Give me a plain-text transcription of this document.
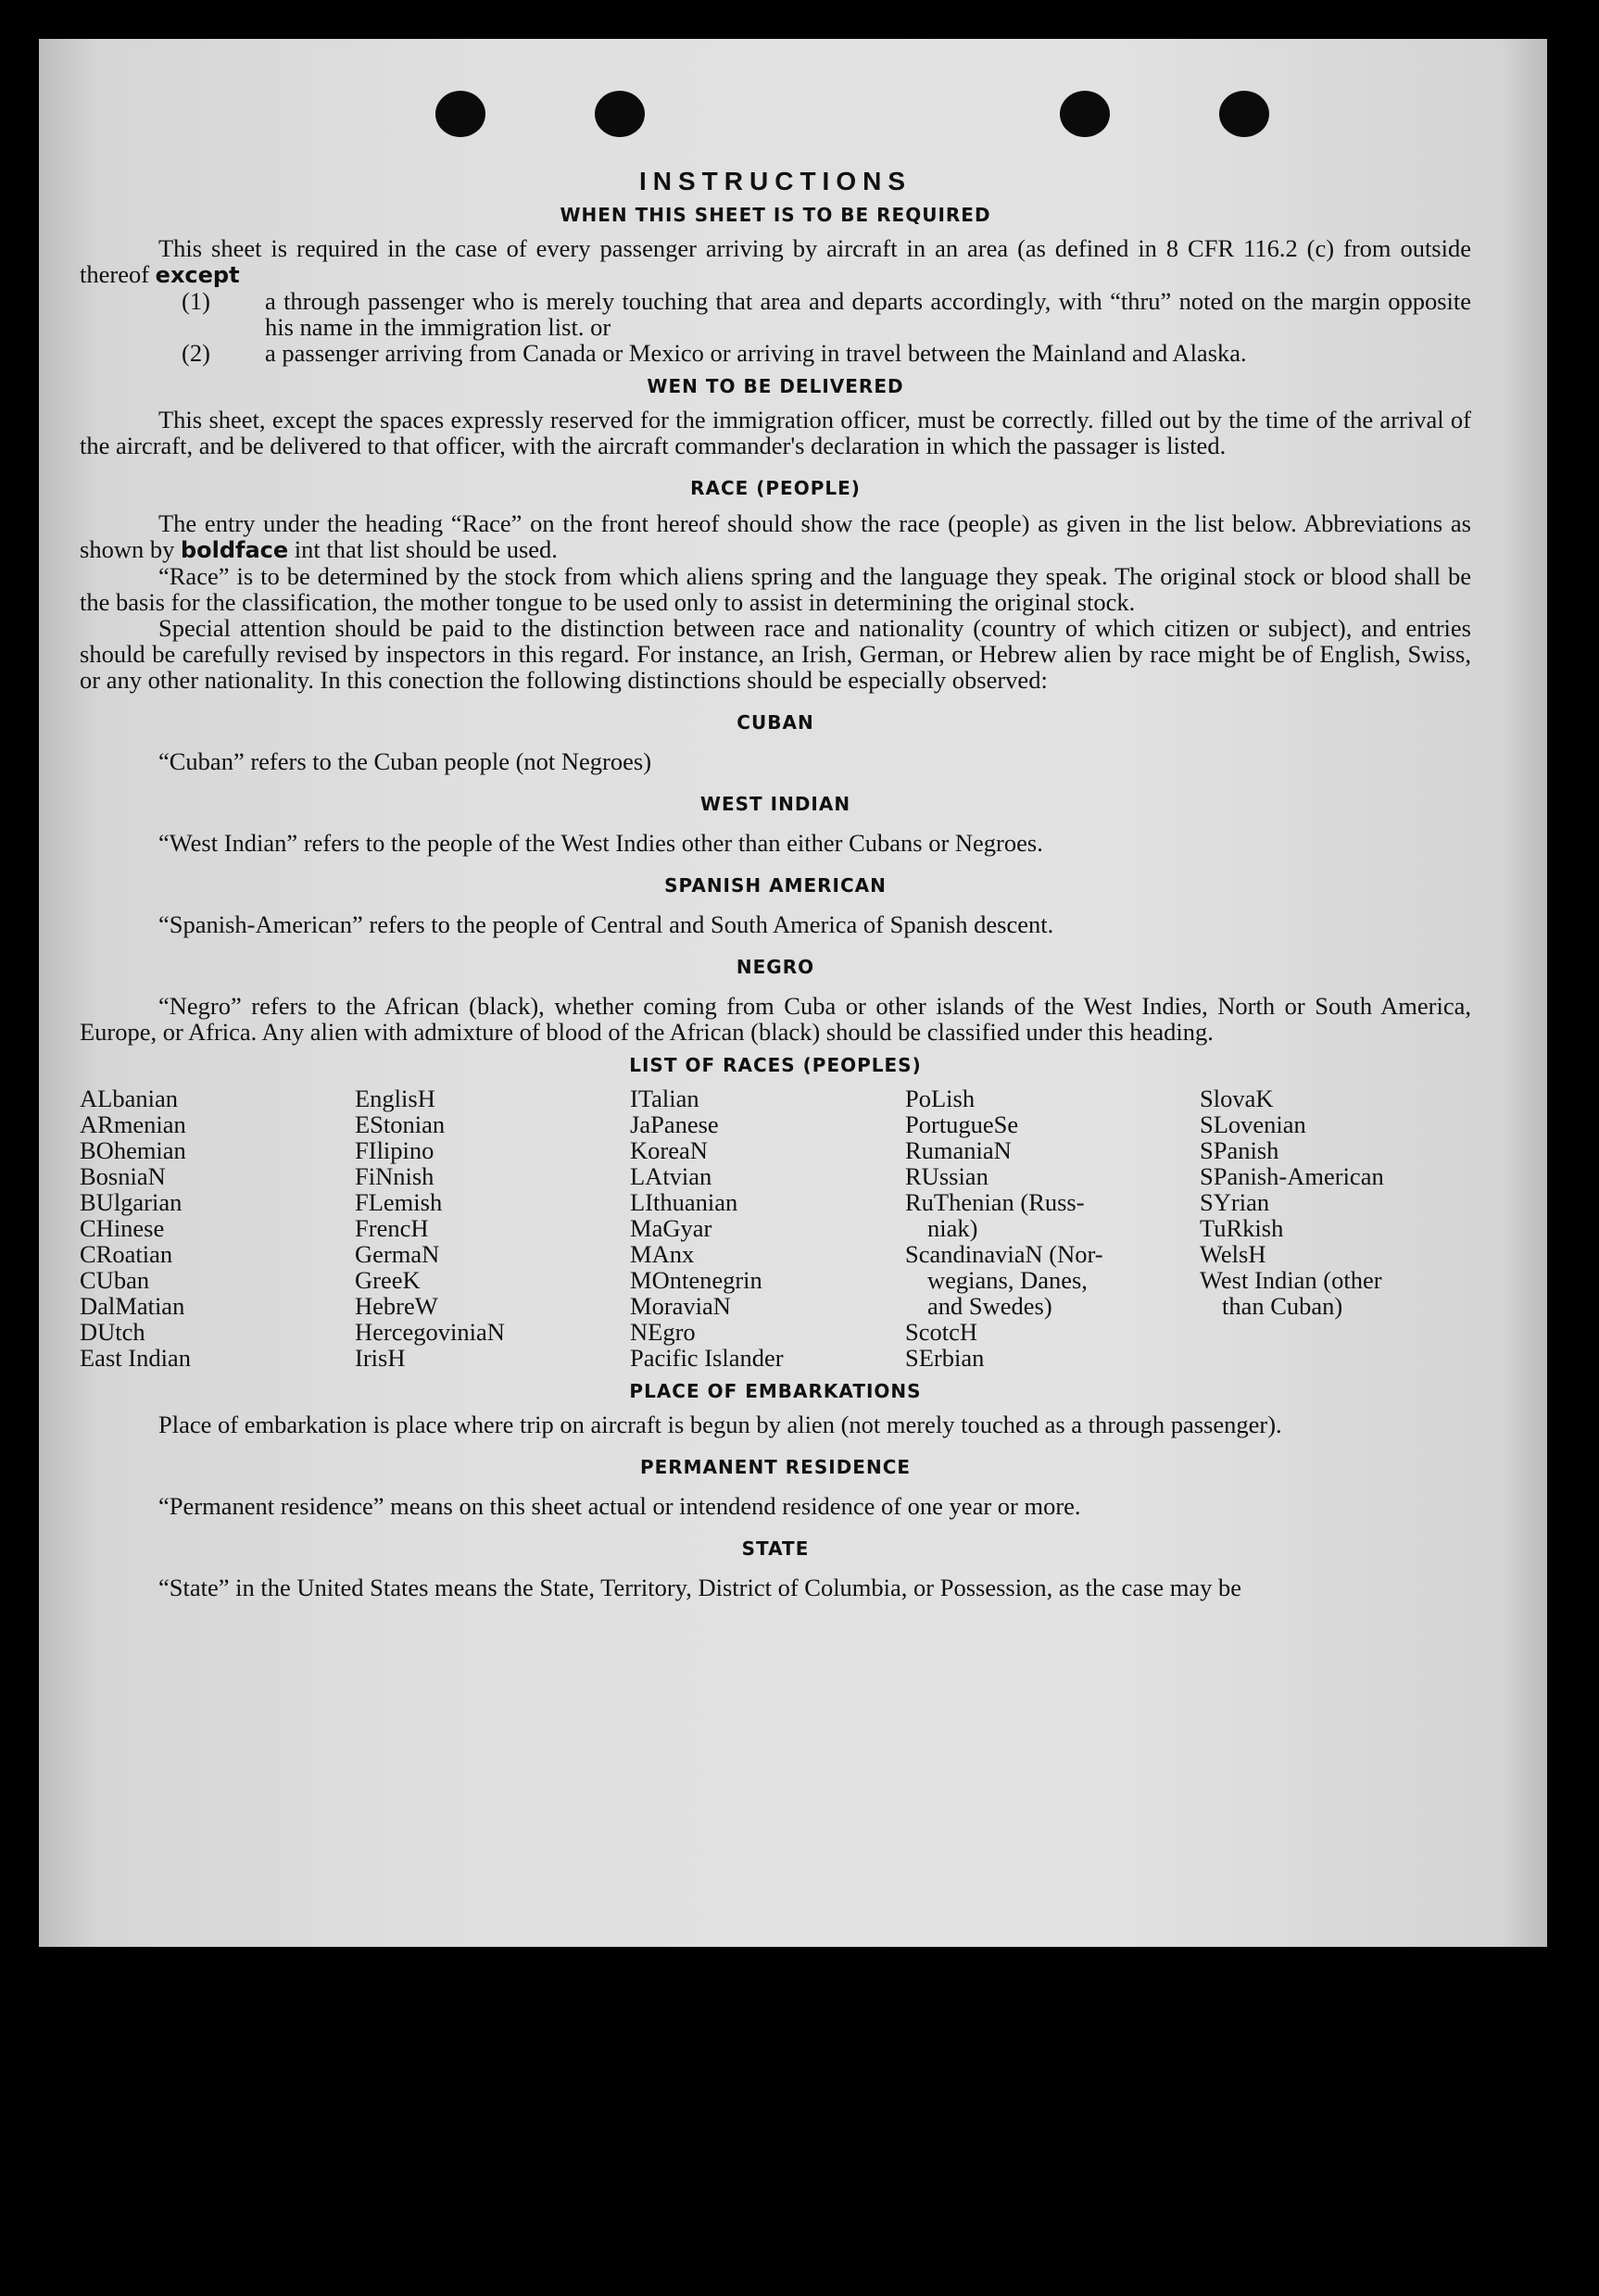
INSTRUCTIONS
WHEN THIS SHEET IS TO BE REQUIRED

This sheet is required in the case of every passenger arriving by aircraft in an area (as defined in 8 CFR 116.2 (c) from outside thereof except

(1) a through passenger who is merely touching that area and departs accordingly, with “thru” noted on the margin opposite his name in the immigration list. or
(2) a passenger arriving from Canada or Mexico or arriving in travel between the Mainland and Alaska.
WEN TO BE DELIVERED

This sheet, except the spaces expressly reserved for the immigration officer, must be correctly. filled out by the time of the arrival of the aircraft, and be delivered to that officer, with the aircraft commander's declaration in which the passager is listed.

RACE (PEOPLE)

The entry under the heading “Race” on the front hereof should show the race (people) as given in the list below. Abbreviations as shown by boldface int that list should be used.

“Race” is to be determined by the stock from which aliens spring and the language they speak. The original stock or blood shall be the basis for the classification, the mother tongue to be used only to assist in determining the original stock.

Special attention should be paid to the distinction between race and nationality (country of which citizen or subject), and entries should be carefully revised by inspectors in this regard. For instance, an Irish, German, or Hebrew alien by race might be of English, Swiss, or any other nationality. In this conection the following distinctions should be especially observed:

CUBAN

“Cuban” refers to the Cuban people (not Negroes)

WEST INDIAN

“West Indian” refers to the people of the West Indies other than either Cubans or Negroes.

SPANISH AMERICAN

“Spanish-American” refers to the people of Central and South America of Spanish descent.

NEGRO

“Negro” refers to the African (black), whether coming from Cuba or other islands of the West Indies, North or South America, Europe, or Africa. Any alien with admixture of blood of the African (black) should be classified under this heading.

LIST OF RACES (PEOPLES)
ALbanian
ARmenian
BOhemian
BosniaN
BUlgarian
CHinese
CRoatian
CUban
DalMatian
DUtch
East Indian
EnglisH
EStonian
FIlipino
FiNnish
FLemish
FrencH
GermaN
GreeK
HebreW
HercegoviniaN
IrisH
ITalian
JaPanese
KoreaN
LAtvian
LIthuanian
MaGyar
MAnx
MOntenegrin
MoraviaN
NEgro
Pacific Islander
PoLish
PortugueSe
RumaniaN
RUssian
RuThenian (Russ-
niak)
ScandinaviaN (Nor-
wegians, Danes,
and Swedes)
ScotcH
SErbian
SlovaK
SLovenian
SPanish
SPanish-American
SYrian
TuRkish
WelsH
West Indian (other
than Cuban)
PLACE OF EMBARKATIONS

Place of embarkation is place where trip on aircraft is begun by alien (not merely touched as a through passenger).

PERMANENT RESIDENCE

“Permanent residence” means on this sheet actual or intendend residence of one year or more.

STATE

“State” in the United States means the State, Territory, District of Columbia, or Possession, as the case may be
